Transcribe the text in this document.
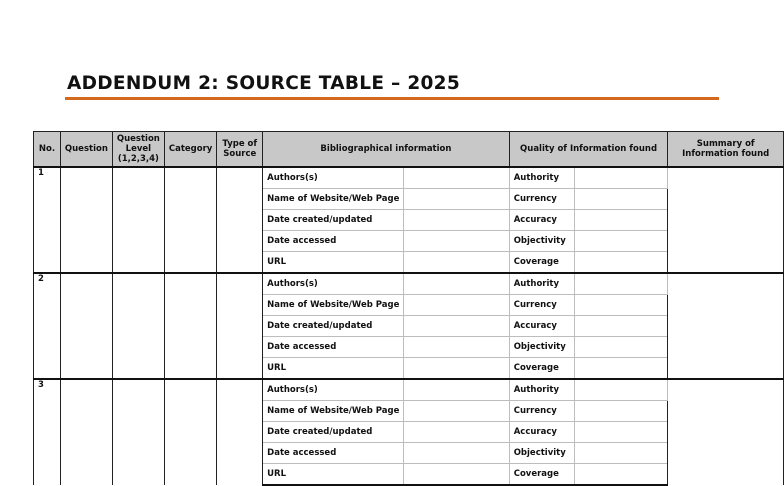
ADDENDUM 2: SOURCE TABLE – 2025
No.	Question	Question Level (1,2,3,4)	Category	Type of Source	Bibliographical information		Quality of Information found		Summary of Information found
1					Authors(s)		Authority		
					Name of Website/Web Page		Currency		
					Date created/updated		Accuracy		
					Date accessed		Objectivity		
					URL		Coverage		
2					Authors(s)		Authority		
					Name of Website/Web Page		Currency		
					Date created/updated		Accuracy		
					Date accessed		Objectivity		
					URL		Coverage		
3					Authors(s)		Authority		
					Name of Website/Web Page		Currency		
					Date created/updated		Accuracy		
					Date accessed		Objectivity		
					URL		Coverage		
